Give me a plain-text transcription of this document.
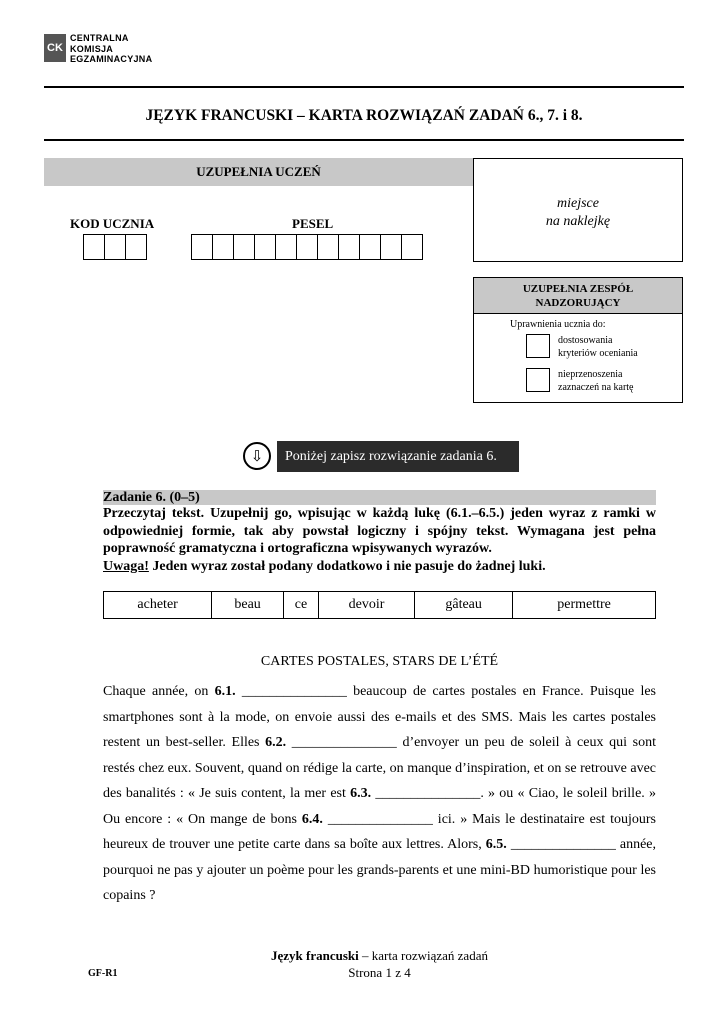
CK
CENTRALNA
KOMISJA
EGZAMINACYJNA
JĘZYK FRANCUSKI – KARTA ROZWIĄZAŃ ZADAŃ 6., 7. i 8.
UZUPEŁNIA UCZEŃ
miejsce
na naklejkę
KOD UCZNIA	PESEL
UZUPEŁNIA ZESPÓŁ
NADZORUJĄCY
Uprawnienia ucznia do:
dostosowania
kryteriów oceniania
nieprzenoszenia
zaznaczeń na kartę
⇩	Poniżej zapisz rozwiązanie zadania 6.
Zadanie 6. (0–5)
Przeczytaj tekst. Uzupełnij go, wpisując w każdą lukę (6.1.–6.5.) jeden wyraz z ramki w odpowiedniej formie, tak aby powstał logiczny i spójny tekst. Wymagana jest pełna poprawność gramatyczna i ortograficzna wpisywanych wyrazów.
Uwaga! Jeden wyraz został podany dodatkowo i nie pasuje do żadnej luki.
acheter	beau	ce	devoir	gâteau	permettre
CARTES POSTALES, STARS DE L’ÉTÉ
Chaque année, on 6.1. _______________ beaucoup de cartes postales en France. Puisque les smartphones sont à la mode, on envoie aussi des e-mails et des SMS. Mais les cartes postales restent un best-seller. Elles 6.2. _______________ d’envoyer un peu de soleil à ceux qui sont restés chez eux. Souvent, quand on rédige la carte, on manque d’inspiration, et on se retrouve avec des banalités : « Je suis content, la mer est 6.3. _______________. » ou « Ciao, le soleil brille. » Ou encore : « On mange de bons 6.4. _______________ ici. » Mais le destinataire est toujours heureux de trouver une petite carte dans sa boîte aux lettres. Alors, 6.5. _______________ année, pourquoi ne pas y ajouter un poème pour les grands-parents et une mini-BD humoristique pour les copains ?
Język francuski – karta rozwiązań zadań
Strona 1 z 4
GF-R1
